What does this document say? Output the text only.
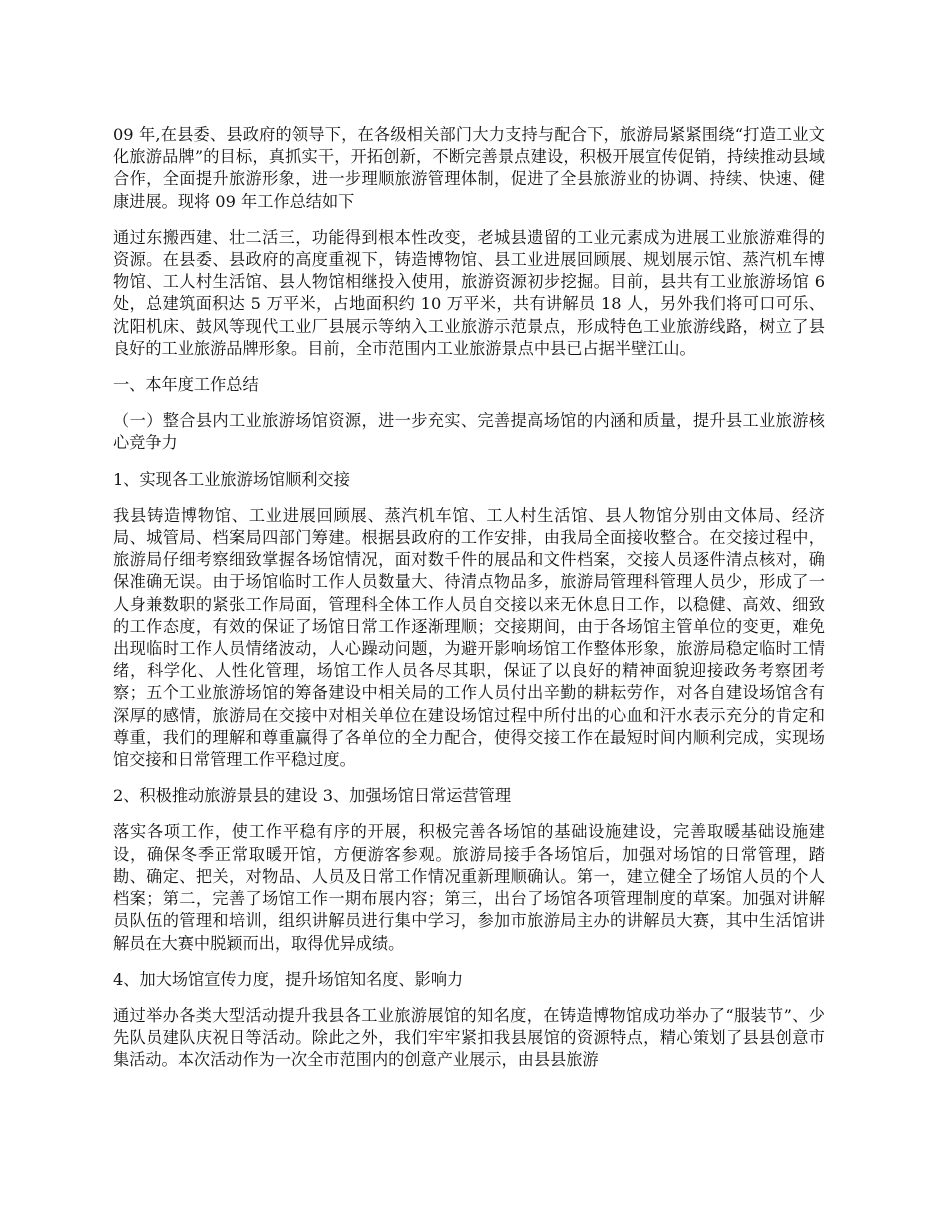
09 年,在县委、县政府的领导下，在各级相关部门大力支持与配合下，旅游局紧紧围绕“打造工业文化旅游品牌”的目标，真抓实干，开拓创新，不断完善景点建设，积极开展宣传促销，持续推动县域合作，全面提升旅游形象，进一步理顺旅游管理体制，促进了全县旅游业的协调、持续、快速、健康进展。现将 09 年工作总结如下

通过东搬西建、壮二活三，功能得到根本性改变，老城县遗留的工业元素成为进展工业旅游难得的资源。在县委、县政府的高度重视下，铸造博物馆、县工业进展回顾展、规划展示馆、蒸汽机车博物馆、工人村生活馆、县人物馆相继投入使用，旅游资源初步挖掘。目前，县共有工业旅游场馆 6 处，总建筑面积达 5 万平米，占地面积约 10 万平米，共有讲解员 18 人，另外我们将可口可乐、沈阳机床、鼓风等现代工业厂县展示等纳入工业旅游示范景点，形成特色工业旅游线路，树立了县良好的工业旅游品牌形象。目前，全市范围内工业旅游景点中县已占据半壁江山。

一、本年度工作总结

（一）整合县内工业旅游场馆资源，进一步充实、完善提高场馆的内涵和质量，提升县工业旅游核心竞争力

1、实现各工业旅游场馆顺利交接

我县铸造博物馆、工业进展回顾展、蒸汽机车馆、工人村生活馆、县人物馆分别由文体局、经济局、城管局、档案局四部门筹建。根据县政府的工作安排，由我局全面接收整合。在交接过程中，旅游局仔细考察细致掌握各场馆情况，面对数千件的展品和文件档案，交接人员逐件清点核对，确保准确无误。由于场馆临时工作人员数量大、待清点物品多，旅游局管理科管理人员少，形成了一人身兼数职的紧张工作局面，管理科全体工作人员自交接以来无休息日工作，以稳健、高效、细致的工作态度，有效的保证了场馆日常工作逐渐理顺；交接期间，由于各场馆主管单位的变更，难免出现临时工作人员情绪波动，人心躁动问题，为避开影响场馆工作整体形象，旅游局稳定临时工情绪，科学化、人性化管理，场馆工作人员各尽其职，保证了以良好的精神面貌迎接政务考察团考察；五个工业旅游场馆的筹备建设中相关局的工作人员付出辛勤的耕耘劳作，对各自建设场馆含有深厚的感情，旅游局在交接中对相关单位在建设场馆过程中所付出的心血和汗水表示充分的肯定和尊重，我们的理解和尊重赢得了各单位的全力配合，使得交接工作在最短时间内顺利完成，实现场馆交接和日常管理工作平稳过度。

2、积极推动旅游景县的建设 3、加强场馆日常运营管理

落实各项工作，使工作平稳有序的开展，积极完善各场馆的基础设施建设，完善取暖基础设施建设，确保冬季正常取暖开馆，方便游客参观。旅游局接手各场馆后，加强对场馆的日常管理，踏勘、确定、把关，对物品、人员及日常工作情况重新理顺确认。第一，建立健全了场馆人员的个人档案；第二，完善了场馆工作一期布展内容；第三，出台了场馆各项管理制度的草案。加强对讲解员队伍的管理和培训，组织讲解员进行集中学习，参加市旅游局主办的讲解员大赛，其中生活馆讲解员在大赛中脱颖而出，取得优异成绩。

4、加大场馆宣传力度，提升场馆知名度、影响力

通过举办各类大型活动提升我县各工业旅游展馆的知名度，在铸造博物馆成功举办了“服装节”、少先队员建队庆祝日等活动。除此之外，我们牢牢紧扣我县展馆的资源特点，精心策划了县县创意市集活动。本次活动作为一次全市范围内的创意产业展示，由县县旅游
